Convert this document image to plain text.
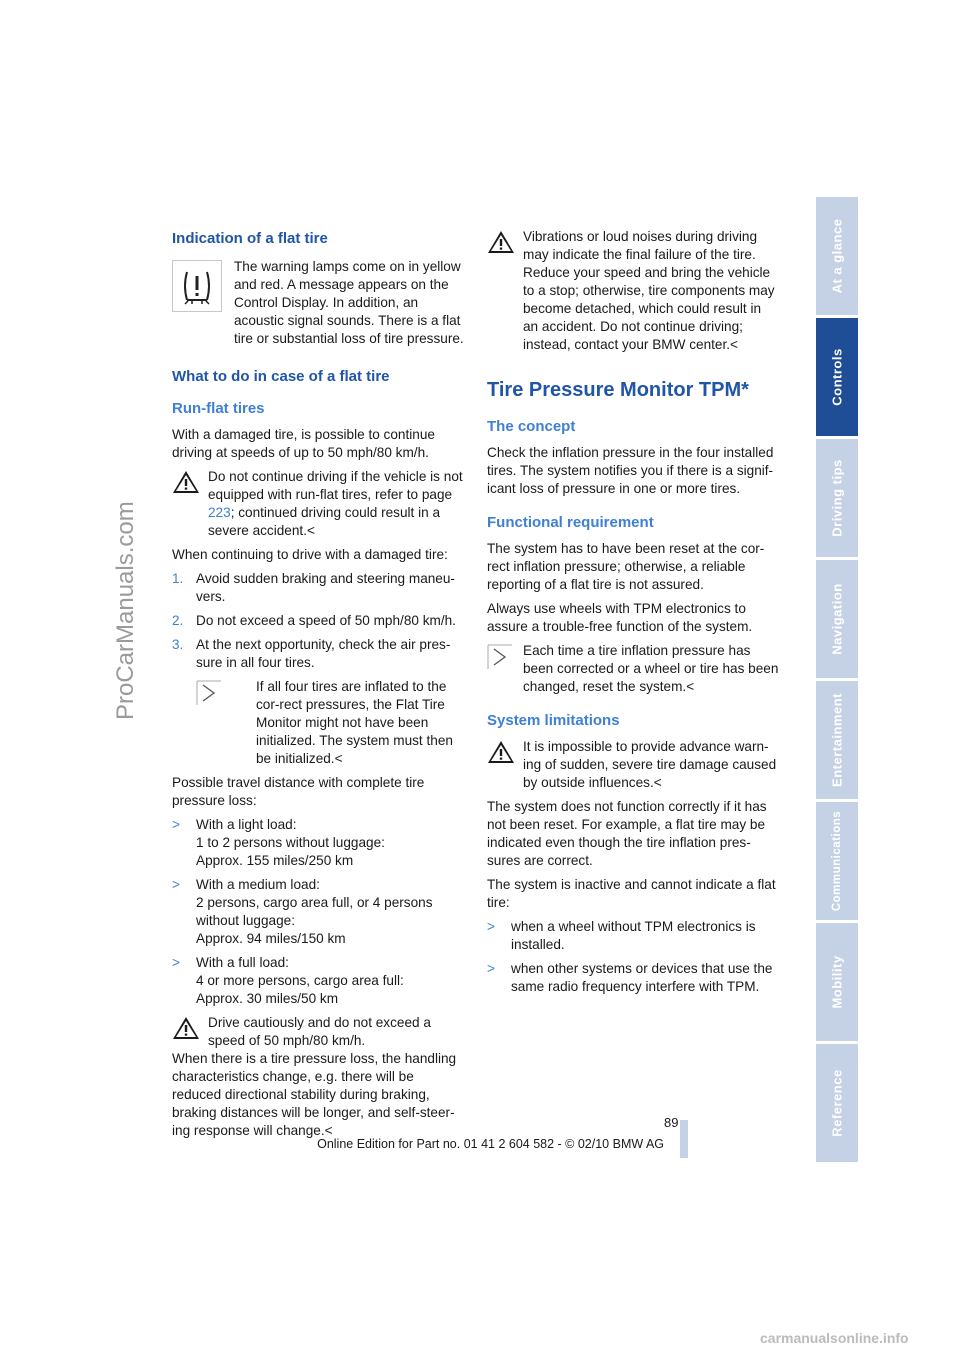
ProCarManuals.com
At a glance
Controls
Driving tips
Navigation
Entertainment
Communications
Mobility
Reference
Indication of a flat tire
The warning lamps come on in yellow and red. A message appears on the Control Display. In addition, an acoustic signal sounds. There is a flat tire or substantial loss of tire pressure.
What to do in case of a flat tire
Run-flat tires

With a damaged tire, is possible to continue driving at speeds of up to 50 mph/80 km/h.

Do not continue driving if the vehicle is not equipped with run-flat tires, refer to page 223; continued driving could result in a severe accident.<

When continuing to drive with a damaged tire:

1. Avoid sudden braking and steering maneu-vers.
2. Do not exceed a speed of 50 mph/80 km/h.
3. At the next opportunity, check the air pres-sure in all four tires.
If all four tires are inflated to the cor-rect pressures, the Flat Tire Monitor might not have been initialized. The system must then be initialized.<

Possible travel distance with complete tire pressure loss:

> With a light load:
1 to 2 persons without luggage:
Approx. 155 miles/250 km
> With a medium load:
2 persons, cargo area full, or 4 persons without luggage:
Approx. 94 miles/150 km
> With a full load:
4 or more persons, cargo area full:
Approx. 30 miles/50 km
Drive cautiously and do not exceed a speed of 50 mph/80 km/h.

When there is a tire pressure loss, the handling characteristics change, e.g. there will be reduced directional stability during braking, braking distances will be longer, and self-steer-ing response will change.<

Vibrations or loud noises during driving may indicate the final failure of the tire. Reduce your speed and bring the vehicle to a stop; otherwise, tire components may become detached, which could result in an accident. Do not continue driving; instead, contact your BMW center.<
Tire Pressure Monitor TPM*
The concept

Check the inflation pressure in the four installed tires. The system notifies you if there is a signif-icant loss of pressure in one or more tires.

Functional requirement

The system has to have been reset at the cor-rect inflation pressure; otherwise, a reliable reporting of a flat tire is not assured.

Always use wheels with TPM electronics to assure a trouble-free function of the system.

Each time a tire inflation pressure has been corrected or a wheel or tire has been changed, reset the system.<
System limitations
It is impossible to provide advance warn-ing of sudden, severe tire damage caused by outside influences.<

The system does not function correctly if it has not been reset. For example, a flat tire may be indicated even though the tire inflation pres-sures are correct.

The system is inactive and cannot indicate a flat tire:

> when a wheel without TPM electronics is installed.
> when other systems or devices that use the same radio frequency interfere with TPM.
89
Online Edition for Part no. 01 41 2 604 582 - © 02/10 BMW AG
carmanualsonline.info
